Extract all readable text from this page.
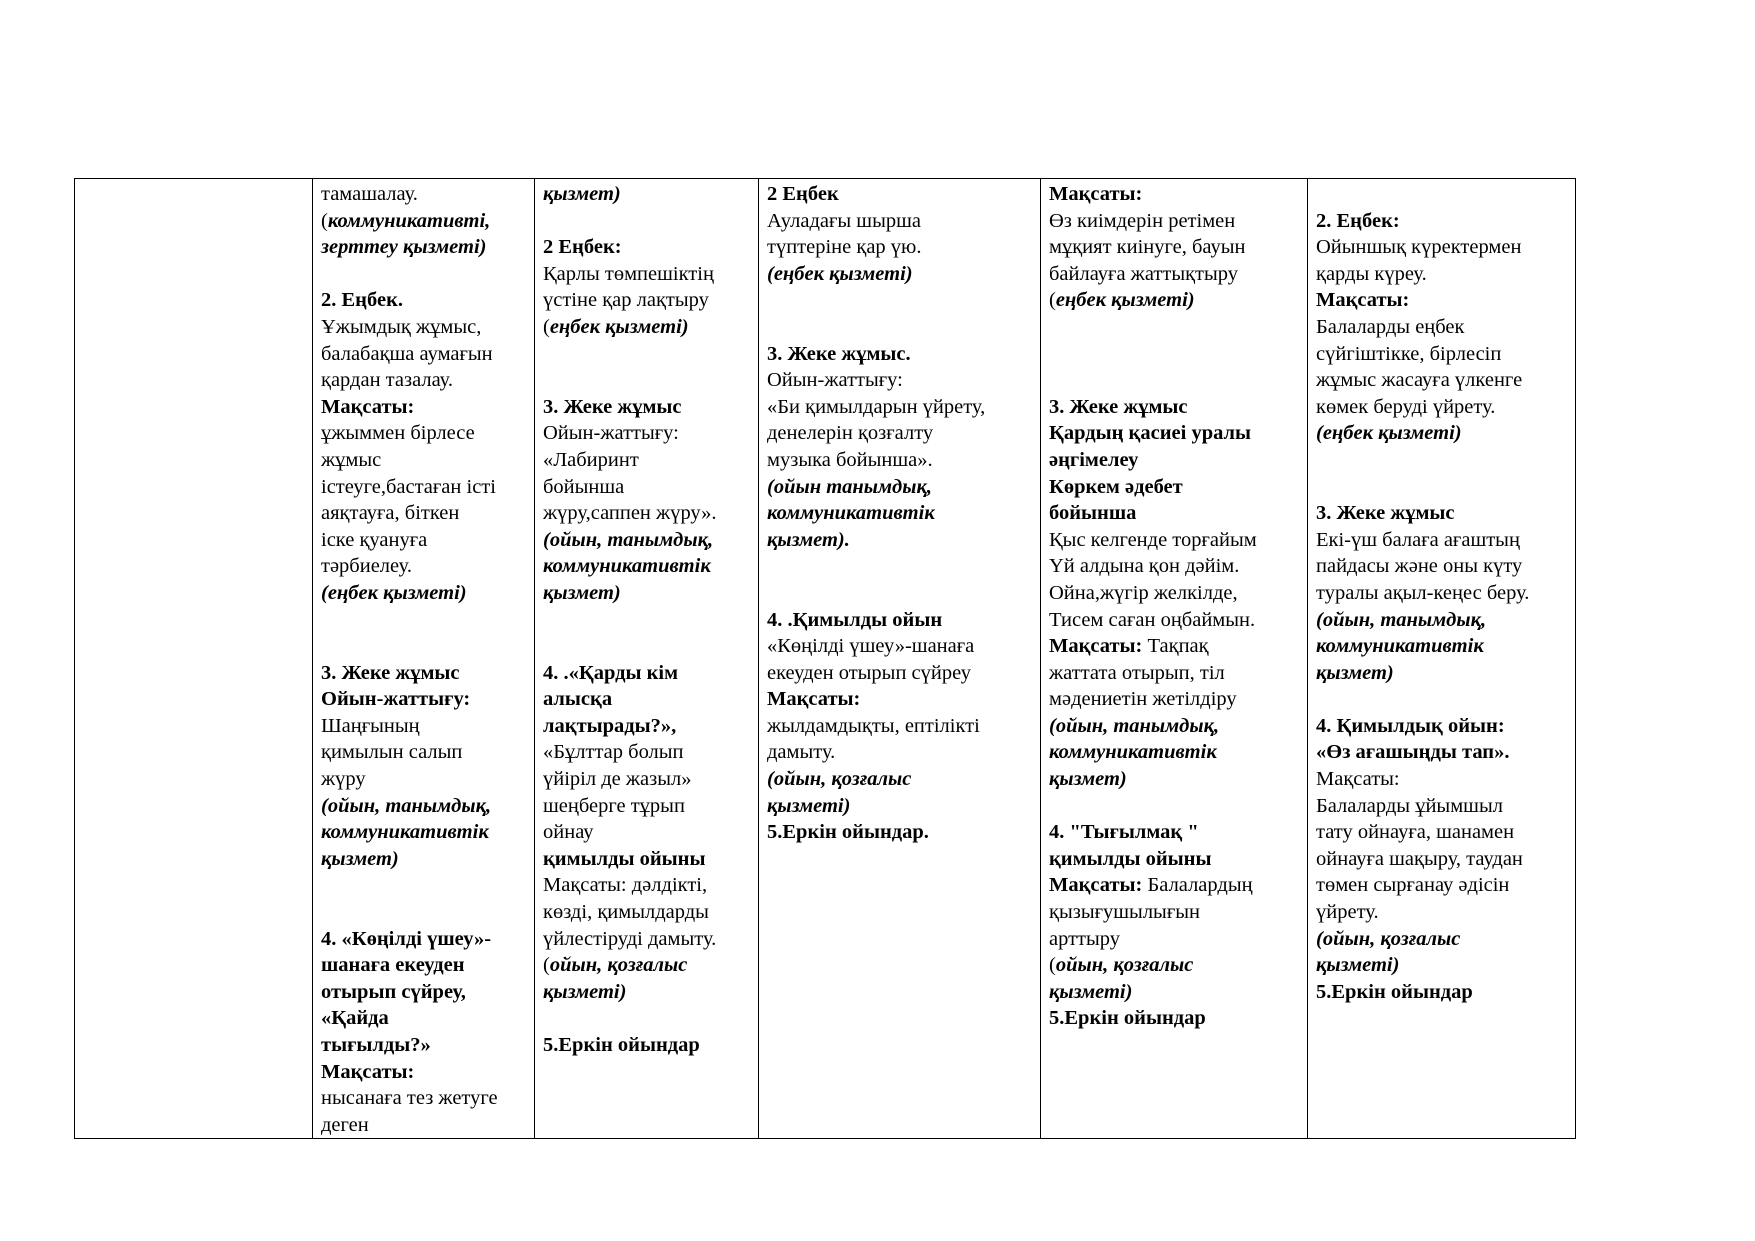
тамашалау.
(коммуникативті,
зерттеу қызметі)
2. Еңбек.
Ұжымдық жұмыс,
балабақша аумағын
қардан тазалау.
Мақсаты:
ұжыммен бірлесе
жұмыс
істеуге,бастаған істі
аяқтауға, біткен
іске қуануға
тәрбиелеу.
(еңбек қызметі)
3. Жеке жұмыс
Ойын-жаттығу:
Шаңғының
қимылын салып
жүру
(ойын, танымдық,
коммуникативтік
қызмет)
4. «Көңілді үшеу»-
шанаға екеуден
отырып сүйреу,
«Қайда
тығылды?»
Мақсаты:
нысанаға тез жетуге
деген

қызмет)
2 Еңбек:
Қарлы төмпешіктің
үстіне қар лақтыру
(еңбек қызметі)
3. Жеке жұмыс
Ойын-жаттығу:
«Лабиринт
бойынша
жүру,саппен жүру».
(ойын, танымдық,
коммуникативтік
қызмет)
4. .«Қарды кім
алысқа
лақтырады?»,
«Бұлттар болып
үйіріл де жазыл»
шеңберге тұрып
ойнау
қимылды ойыны
Мақсаты: дәлдікті,
көзді, қимылдарды
үйлестіруді дамыту.
(ойын, қозғалыс
қызметі)
5.Еркін ойындар

2 Еңбек
Ауладағы шырша
түптеріне қар үю.
(еңбек қызметі)
3. Жеке жұмыс.
Ойын-жаттығу:
«Би қимылдарын үйрету,
денелерін қозғалту
музыка бойынша».
(ойын танымдық,
коммуникативтік
қызмет).
4. .Қимылды ойын
«Көңілді үшеу»-шанаға
екеуден отырып сүйреу
Мақсаты:
жылдамдықты, ептілікті
дамыту.
(ойын, қозғалыс
қызметі)
5.Еркін ойындар.

Мақсаты:
Өз киімдерін ретімен
мұқият киінуге, бауын
байлауға жаттықтыру
(еңбек қызметі)
3. Жеке жұмыс
Қардың қасиеі уралы
әңгімелеу
Көркем әдебет
бойынша
Қыс келгенде торғайым
Үй алдына қон дәйім.
Ойна,жүгір желкілде,
Тисем саған оңбаймын.
Мақсаты: Тақпақ
жаттата отырып, тіл
мәдениетін жетілдіру
(ойын, танымдық,
коммуникативтік
қызмет)
4. "Тығылмақ "
қимылды ойыны
Мақсаты: Балалардың
қызығушылығын
арттыру
(ойын, қозғалыс
қызметі)
5.Еркін ойындар

2. Еңбек:
Ойыншық күректермен
қарды күреу.
Мақсаты:
Балаларды еңбек
сүйгіштікке, бірлесіп
жұмыс жасауға үлкенге
көмек беруді үйрету.
(еңбек қызметі)
3. Жеке жұмыс
Екі-үш балаға ағаштың
пайдасы және оны күту
туралы ақыл-кеңес беру.
(ойын, танымдық,
коммуникативтік
қызмет)
4. Қимылдық ойын:
«Өз ағашыңды тап».
Мақсаты:
Балаларды ұйымшыл
тату ойнауға, шанамен
ойнауға шақыру, таудан
төмен сырғанау әдісін
үйрету.
(ойын, қозғалыс
қызметі)
5.Еркін ойындар
